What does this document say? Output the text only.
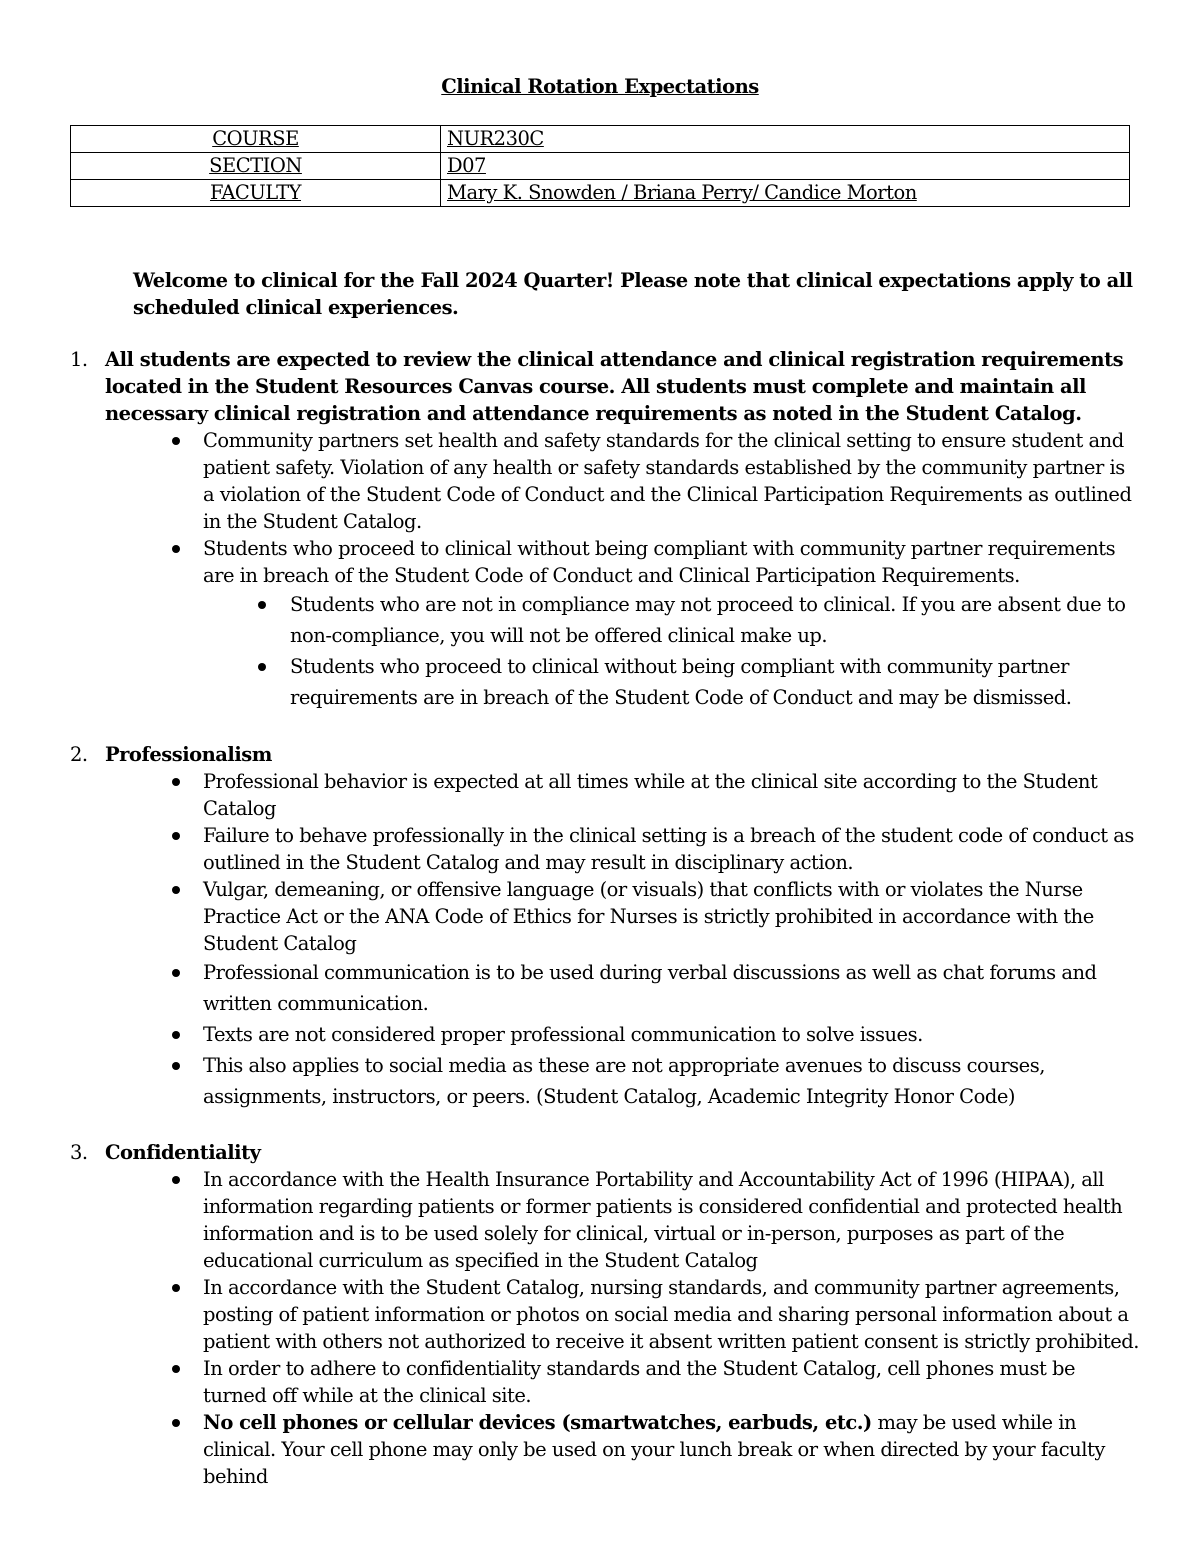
Clinical Rotation Expectations
COURSE	NUR230C
SECTION	D07
FACULTY	Mary K. Snowden / Briana Perry/ Candice Morton

Welcome to clinical for the Fall 2024 Quarter! Please note that clinical expectations apply to all scheduled clinical experiences.

1. All students are expected to review the clinical attendance and clinical registration requirements located in the Student Resources Canvas course. All students must complete and maintain all necessary clinical registration and attendance requirements as noted in the Student Catalog.
Community partners set health and safety standards for the clinical setting to ensure student and patient safety. Violation of any health or safety standards established by the community partner is a violation of the Student Code of Conduct and the Clinical Participation Requirements as outlined in the Student Catalog.
Students who proceed to clinical without being compliant with community partner requirements are in breach of the Student Code of Conduct and Clinical Participation Requirements.
Students who are not in compliance may not proceed to clinical. If you are absent due to non-compliance, you will not be offered clinical make up.
Students who proceed to clinical without being compliant with community partner requirements are in breach of the Student Code of Conduct and may be dismissed.
2. Professionalism
Professional behavior is expected at all times while at the clinical site according to the Student Catalog
Failure to behave professionally in the clinical setting is a breach of the student code of conduct as outlined in the Student Catalog and may result in disciplinary action.
Vulgar, demeaning, or offensive language (or visuals) that conflicts with or violates the Nurse Practice Act or the ANA Code of Ethics for Nurses is strictly prohibited in accordance with the Student Catalog
Professional communication is to be used during verbal discussions as well as chat forums and written communication.
Texts are not considered proper professional communication to solve issues.
This also applies to social media as these are not appropriate avenues to discuss courses, assignments, instructors, or peers. (Student Catalog, Academic Integrity Honor Code)
3. Confidentiality
In accordance with the Health Insurance Portability and Accountability Act of 1996 (HIPAA), all information regarding patients or former patients is considered confidential and protected health information and is to be used solely for clinical, virtual or in-person, purposes as part of the educational curriculum as specified in the Student Catalog
In accordance with the Student Catalog, nursing standards, and community partner agreements, posting of patient information or photos on social media and sharing personal information about a patient with others not authorized to receive it absent written patient consent is strictly prohibited.
In order to adhere to confidentiality standards and the Student Catalog, cell phones must be turned off while at the clinical site.
No cell phones or cellular devices (smartwatches, earbuds, etc.) may be used while in clinical. Your cell phone may only be used on your lunch break or when directed by your faculty behind
